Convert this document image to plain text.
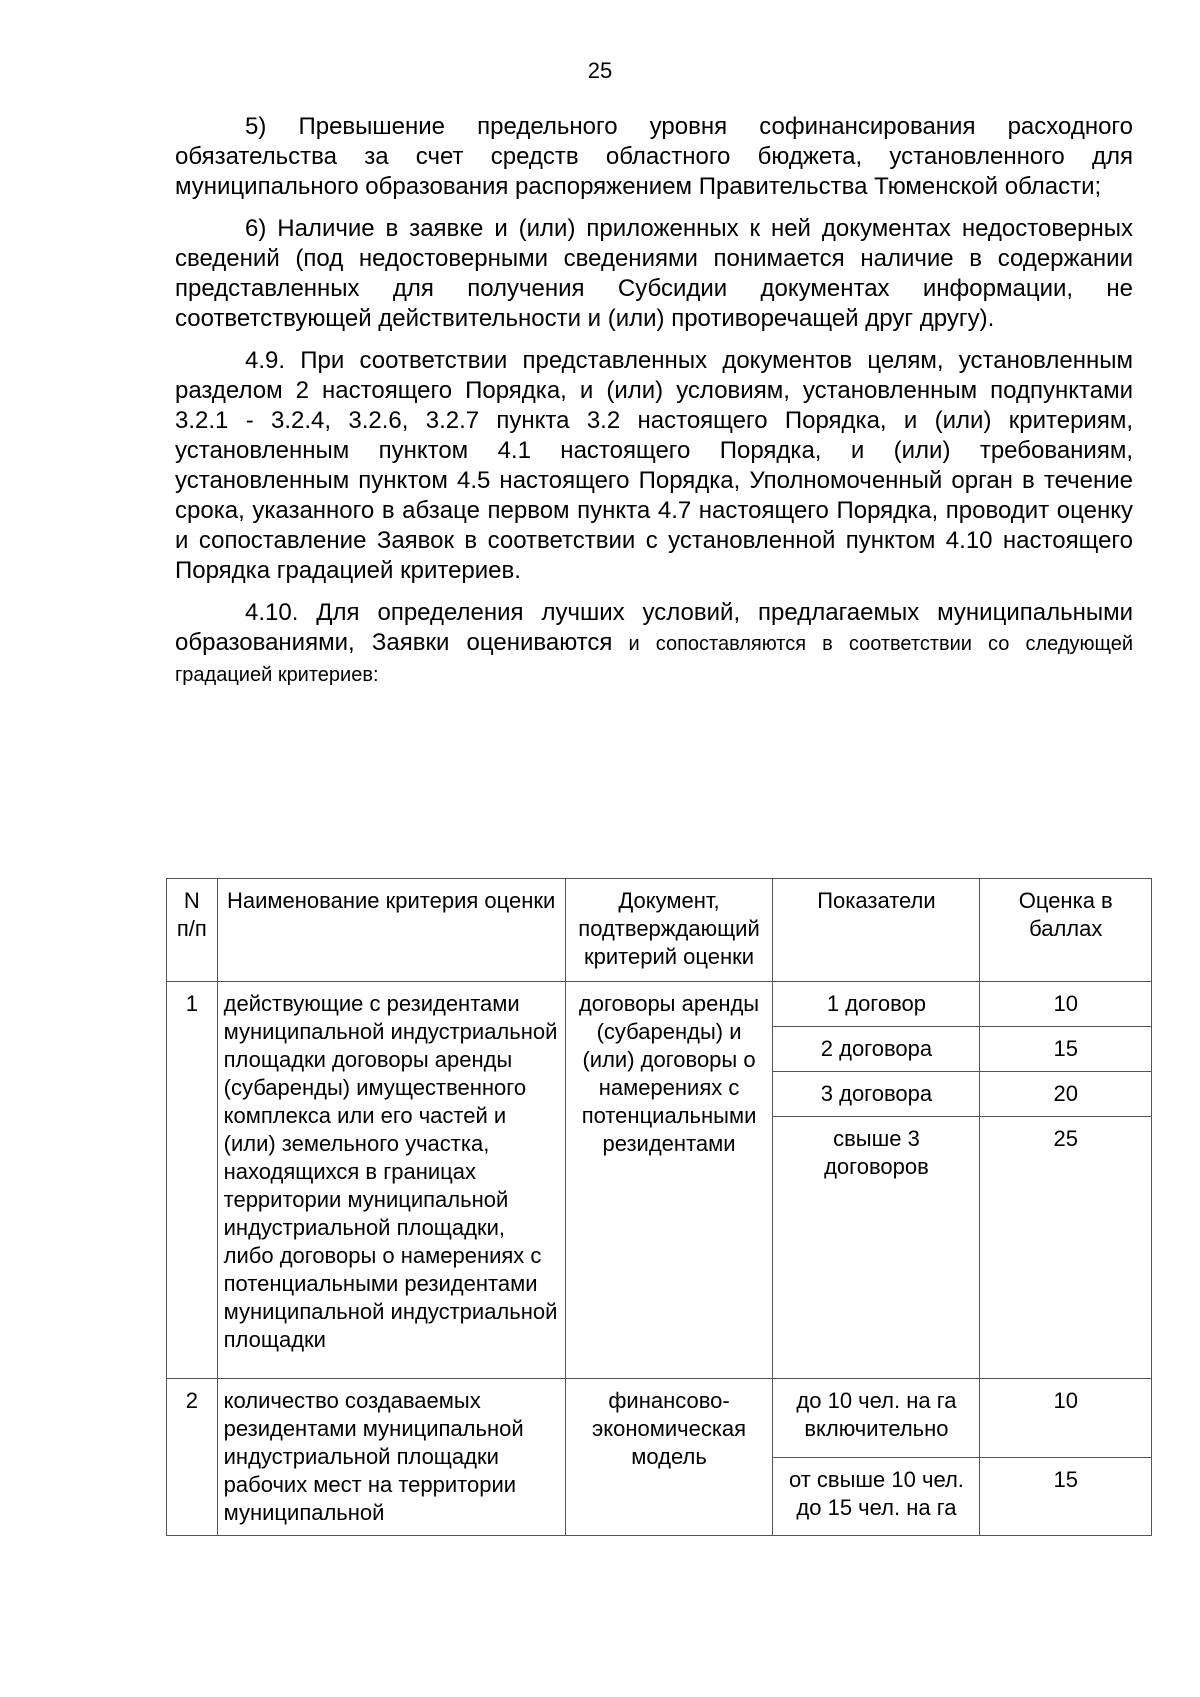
25

5) Превышение предельного уровня софинансирования расходного обязательства за счет средств областного бюджета, установленного для муниципального образования распоряжением Правительства Тюменской области;

6) Наличие в заявке и (или) приложенных к ней документах недостоверных сведений (под недостоверными сведениями понимается наличие в содержании представленных для получения Субсидии документах информации, не соответствующей действительности и (или) противоречащей друг другу).

4.9. При соответствии представленных документов целям, установленным разделом 2 настоящего Порядка, и (или) условиям, установленным подпунктами 3.2.1 - 3.2.4, 3.2.6, 3.2.7 пункта 3.2 настоящего Порядка, и (или) критериям, установленным пунктом 4.1 настоящего Порядка, и (или) требованиям, установленным пунктом 4.5 настоящего Порядка, Уполномоченный орган в течение срока, указанного в абзаце первом пункта 4.7 настоящего Порядка, проводит оценку и сопоставление Заявок в соответствии с установленной пунктом 4.10 настоящего Порядка градацией критериев.

4.10. Для определения лучших условий, предлагаемых муниципальными образованиями, Заявки оцениваются и сопоставляются в соответствии со следующей градацией критериев:

N п/п	Наименование критерия оценки	Документ, подтверждающий критерий оценки	Показатели	Оценка в баллах
1	действующие с резидентами муниципальной индустриальной площадки договоры аренды (субаренды) имущественного комплекса или его частей и (или) земельного участка, находящихся в границах территории муниципальной индустриальной площадки, либо договоры о намерениях с потенциальными резидентами муниципальной индустриальной площадки	договоры аренды (субаренды) и (или) договоры о намерениях с потенциальными резидентами	1 договор	10
			2 договора	15
			3 договора	20
			свыше 3 договоров	25
2	количество создаваемых резидентами муниципальной индустриальной площадки рабочих мест на территории муниципальной	финансово-экономическая модель	до 10 чел. на га включительно	10
			от свыше 10 чел. до 15 чел. на га	15
